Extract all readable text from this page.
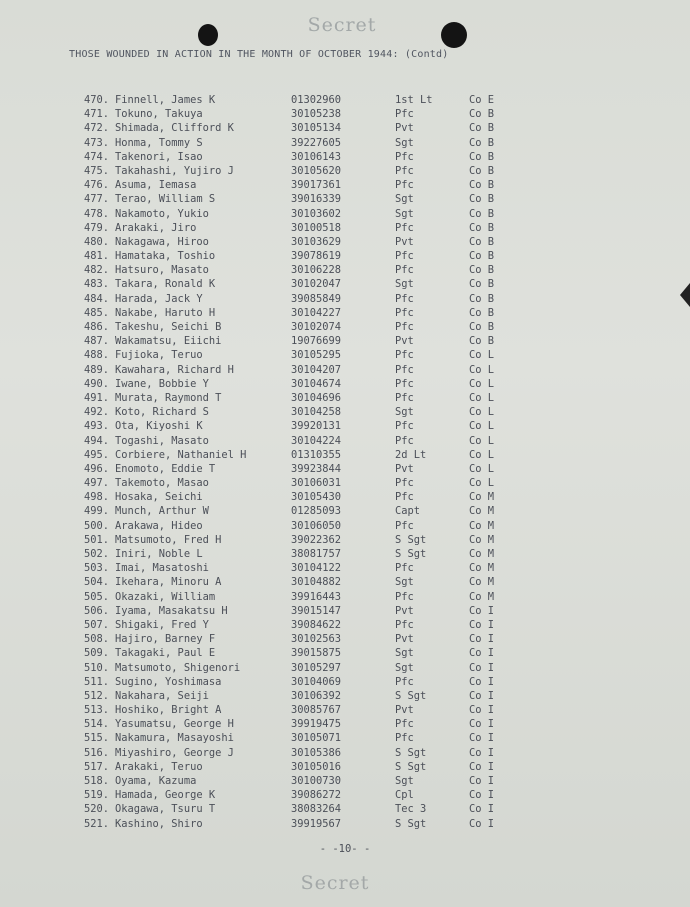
Secret
THOSE WOUNDED IN ACTION IN THE MONTH OF OCTOBER 1944: (Contd)
470. Finnell, James K	01302960	1st Lt	Co E
471. Tokuno, Takuya	30105238	Pfc	Co B
472. Shimada, Clifford K	30105134	Pvt	Co B
473. Honma, Tommy S	39227605	Sgt	Co B
474. Takenori, Isao	30106143	Pfc	Co B
475. Takahashi, Yujiro J	30105620	Pfc	Co B
476. Asuma, Iemasa	39017361	Pfc	Co B
477. Terao, William S	39016339	Sgt	Co B
478. Nakamoto, Yukio	30103602	Sgt	Co B
479. Arakaki, Jiro	30100518	Pfc	Co B
480. Nakagawa, Hiroo	30103629	Pvt	Co B
481. Hamataka, Toshio	39078619	Pfc	Co B
482. Hatsuro, Masato	30106228	Pfc	Co B
483. Takara, Ronald K	30102047	Sgt	Co B
484. Harada, Jack Y	39085849	Pfc	Co B
485. Nakabe, Haruto H	30104227	Pfc	Co B
486. Takeshu, Seichi B	30102074	Pfc	Co B
487. Wakamatsu, Eiichi	19076699	Pvt	Co B
488. Fujioka, Teruo	30105295	Pfc	Co L
489. Kawahara, Richard H	30104207	Pfc	Co L
490. Iwane, Bobbie Y	30104674	Pfc	Co L
491. Murata, Raymond T	30104696	Pfc	Co L
492. Koto, Richard S	30104258	Sgt	Co L
493. Ota, Kiyoshi K	39920131	Pfc	Co L
494. Togashi, Masato	30104224	Pfc	Co L
495. Corbiere, Nathaniel H	01310355	2d Lt	Co L
496. Enomoto, Eddie T	39923844	Pvt	Co L
497. Takemoto, Masao	30106031	Pfc	Co L
498. Hosaka, Seichi	30105430	Pfc	Co M
499. Munch, Arthur W	01285093	Capt	Co M
500. Arakawa, Hideo	30106050	Pfc	Co M
501. Matsumoto, Fred H	39022362	S Sgt	Co M
502. Iniri, Noble L	38081757	S Sgt	Co M
503. Imai, Masatoshi	30104122	Pfc	Co M
504. Ikehara, Minoru A	30104882	Sgt	Co M
505. Okazaki, William	39916443	Pfc	Co M
506. Iyama, Masakatsu H	39015147	Pvt	Co I
507. Shigaki, Fred Y	39084622	Pfc	Co I
508. Hajiro, Barney F	30102563	Pvt	Co I
509. Takagaki, Paul E	39015875	Sgt	Co I
510. Matsumoto, Shigenori	30105297	Sgt	Co I
511. Sugino, Yoshimasa	30104069	Pfc	Co I
512. Nakahara, Seiji	30106392	S Sgt	Co I
513. Hoshiko, Bright A	30085767	Pvt	Co I
514. Yasumatsu, George H	39919475	Pfc	Co I
515. Nakamura, Masayoshi	30105071	Pfc	Co I
516. Miyashiro, George J	30105386	S Sgt	Co I
517. Arakaki, Teruo	30105016	S Sgt	Co I
518. Oyama, Kazuma	30100730	Sgt	Co I
519. Hamada, George K	39086272	Cpl	Co I
520. Okagawa, Tsuru T	38083264	Tec 3	Co I
521. Kashino, Shiro	39919567	S Sgt	Co I
- -10- -
Secret
